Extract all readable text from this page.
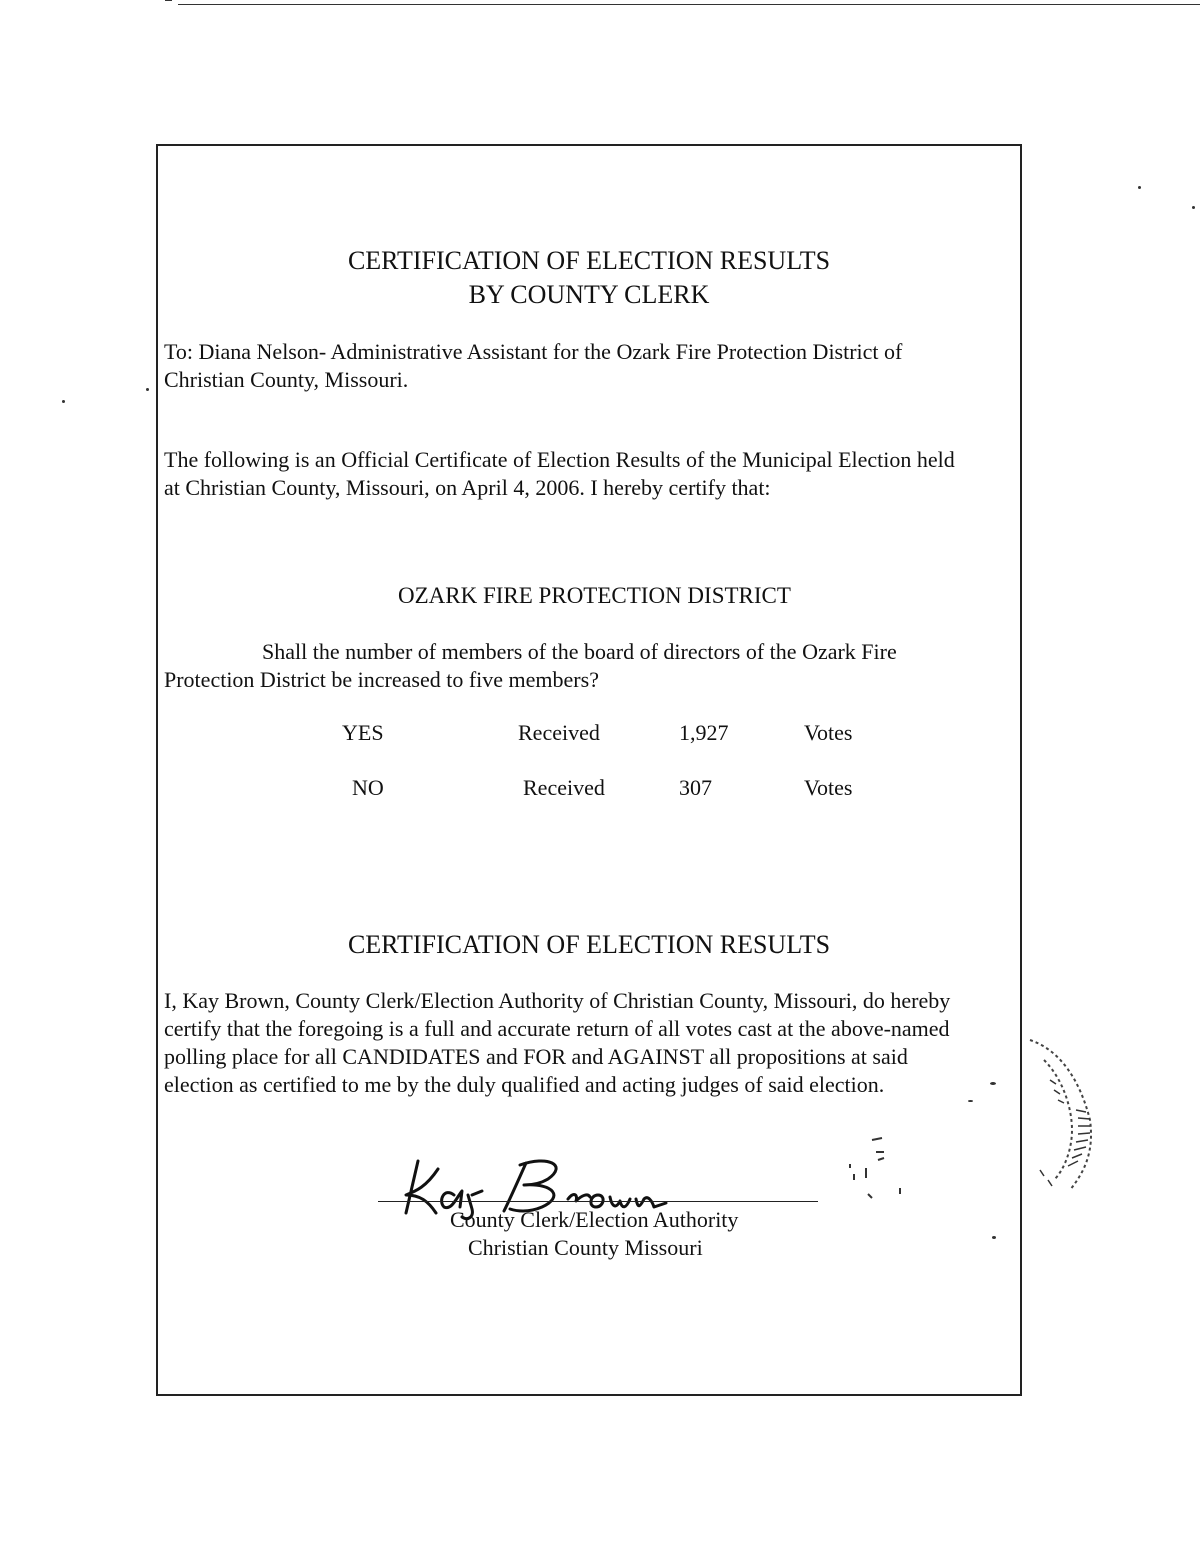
CERTIFICATION OF ELECTION RESULTS
BY COUNTY CLERK
To: Diana Nelson- Administrative Assistant for the Ozark Fire Protection District of
Christian County, Missouri.
The following is an Official Certificate of Election Results of the Municipal Election held
at Christian County, Missouri, on April 4, 2006. I hereby certify that:
OZARK FIRE PROTECTION DISTRICT
Shall the number of members of the board of directors of the Ozark Fire
Protection District be increased to five members?
YES	Received	1,927	Votes
NO	Received	307	Votes
CERTIFICATION OF ELECTION RESULTS
I, Kay Brown, County Clerk/Election Authority of Christian County, Missouri, do hereby
certify that the foregoing is a full and accurate return of all votes cast at the above-named
polling place for all CANDIDATES and FOR and AGAINST all propositions at said
election as certified to me by the duly qualified and acting judges of said election.
County Clerk/Election Authority
Christian County Missouri
